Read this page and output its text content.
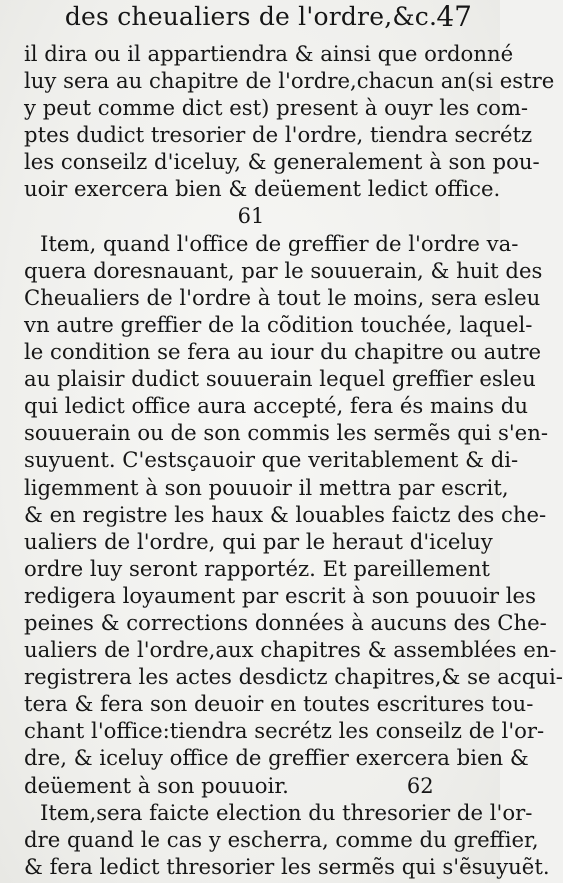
des cheualiers de l'ordre,&c. 47
il dira ou il appartiendra & ainsi que ordonné
luy sera au chapitre de l'ordre,chacun an(si estre
y peut comme dict est) present à ouyr les com-
ptes dudict tresorier de l'ordre, tiendra secrétz
les conseilz d'iceluy, & generalement à son pou-
uoir exercera bien & deüement ledict office.
61
Item, quand l'office de greffier de l'ordre va-
quera doresnauant, par le souuerain, & huit des
Cheualiers de l'ordre à tout le moins, sera esleu
vn autre greffier de la cõdition touchée, laquel-
le condition se fera au iour du chapitre ou autre
au plaisir dudict souuerain lequel greffier esleu
qui ledict office aura accepté, fera és mains du
souuerain ou de son commis les sermẽs qui s'en-
suyuent. C'estsçauoir que veritablement & di-
ligemment à son pouuoir il mettra par escrit,
& en registre les haux & louables faictz des che-
ualiers de l'ordre, qui par le heraut d'iceluy
ordre luy seront rapportéz. Et pareillement
redigera loyaument par escrit à son pouuoir les
peines & corrections données à aucuns des Che-
ualiers de l'ordre,aux chapitres & assemblées en-
registrera les actes desdictz chapitres,& se acqui-
tera & fera son deuoir en toutes escritures tou-
chant l'office:tiendra secrétz les conseilz de l'or-
dre, & iceluy office de greffier exercera bien &
deüement à son pouuoir.	62
Item,sera faicte election du thresorier de l'or-
dre quand le cas y escherra, comme du greffier,
& fera ledict thresorier les sermẽs qui s'ẽsuyuẽt.
